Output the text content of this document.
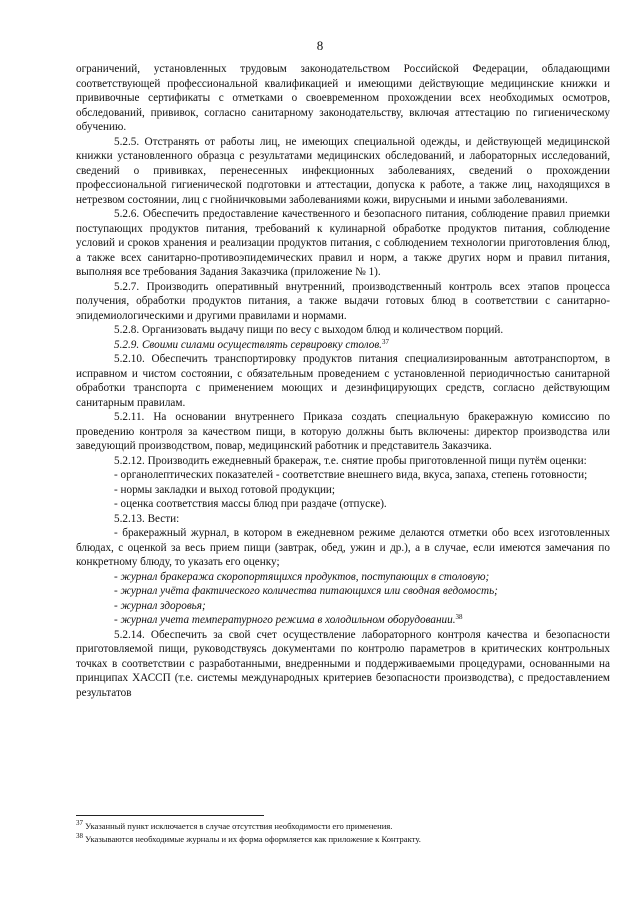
8

ограничений, установленных трудовым законодательством Российской Федерации, обладающими соответствующей профессиональной квалификацией и имеющими действующие медицинские книжки и прививочные сертификаты с отметками о своевременном прохождении всех необходимых осмотров, обследований, прививок, согласно санитарному законодательству, включая аттестацию по гигиеническому обучению.

5.2.5. Отстранять от работы лиц, не имеющих специальной одежды, и действующей медицинской книжки установленного образца с результатами медицинских обследований, и лабораторных исследований, сведений о прививках, перенесенных инфекционных заболеваниях, сведений о прохождении профессиональной гигиенической подготовки и аттестации, допуска к работе, а также лиц, находящихся в нетрезвом состоянии, лиц с гнойничковыми заболеваниями кожи, вирусными и иными заболеваниями.

5.2.6. Обеспечить предоставление качественного и безопасного питания, соблюдение правил приемки поступающих продуктов питания, требований к кулинарной обработке продуктов питания, соблюдение условий и сроков хранения и реализации продуктов питания, с соблюдением технологии приготовления блюд, а также всех санитарно-противоэпидемических правил и норм, а также других норм и правил питания, выполняя все требования Задания Заказчика (приложение № 1).

5.2.7. Производить оперативный внутренний, производственный контроль всех этапов процесса получения, обработки продуктов питания, а также выдачи готовых блюд в соответствии с санитарно-эпидемиологическими и другими правилами и нормами.

5.2.8. Организовать выдачу пищи по весу с выходом блюд и количеством порций.

5.2.9. Своими силами осуществлять сервировку столов.$^{37}$

5.2.10. Обеспечить транспортировку продуктов питания специализированным автотранспортом, в исправном и чистом состоянии, с обязательным проведением с установленной периодичностью санитарной обработки транспорта с применением моющих и дезинфицирующих средств, согласно действующим санитарным правилам.

5.2.11. На основании внутреннего Приказа создать специальную бракеражную комиссию по проведению контроля за качеством пищи, в которую должны быть включены: директор производства или заведующий производством, повар, медицинский работник и представитель Заказчика.

5.2.12. Производить ежедневный бракераж, т.е. снятие пробы приготовленной пищи путём оценки:

- органолептических показателей - соответствие внешнего вида, вкуса, запаха, степень готовности;

- нормы закладки и выход готовой продукции;

- оценка соответствия массы блюд при раздаче (отпуске).

5.2.13. Вести:

- бракеражный журнал, в котором в ежедневном режиме делаются отметки обо всех изготовленных блюдах, с оценкой за весь прием пищи (завтрак, обед, ужин и др.), а в случае, если имеются замечания по конкретному блюду, то указать его оценку;

- журнал бракеража скоропортящихся продуктов, поступающих в столовую;

- журнал учёта фактического количества питающихся или сводная ведомость;

- журнал здоровья;

- журнал учета температурного режима в холодильном оборудовании.$^{38}$

5.2.14. Обеспечить за свой счет осуществление лабораторного контроля качества и безопасности приготовляемой пищи, руководствуясь документами по контролю параметров в критических контрольных точках в соответствии с разработанными, внедренными и поддерживаемыми процедурами, основанными на принципах ХАССП (т.е. системы международных критериев безопасности производства), с предоставлением результатов

$^{37}$ Указанный пункт исключается в случае отсутствия необходимости его применения.

$^{38}$ Указываются необходимые журналы и их форма оформляется как приложение к Контракту.
